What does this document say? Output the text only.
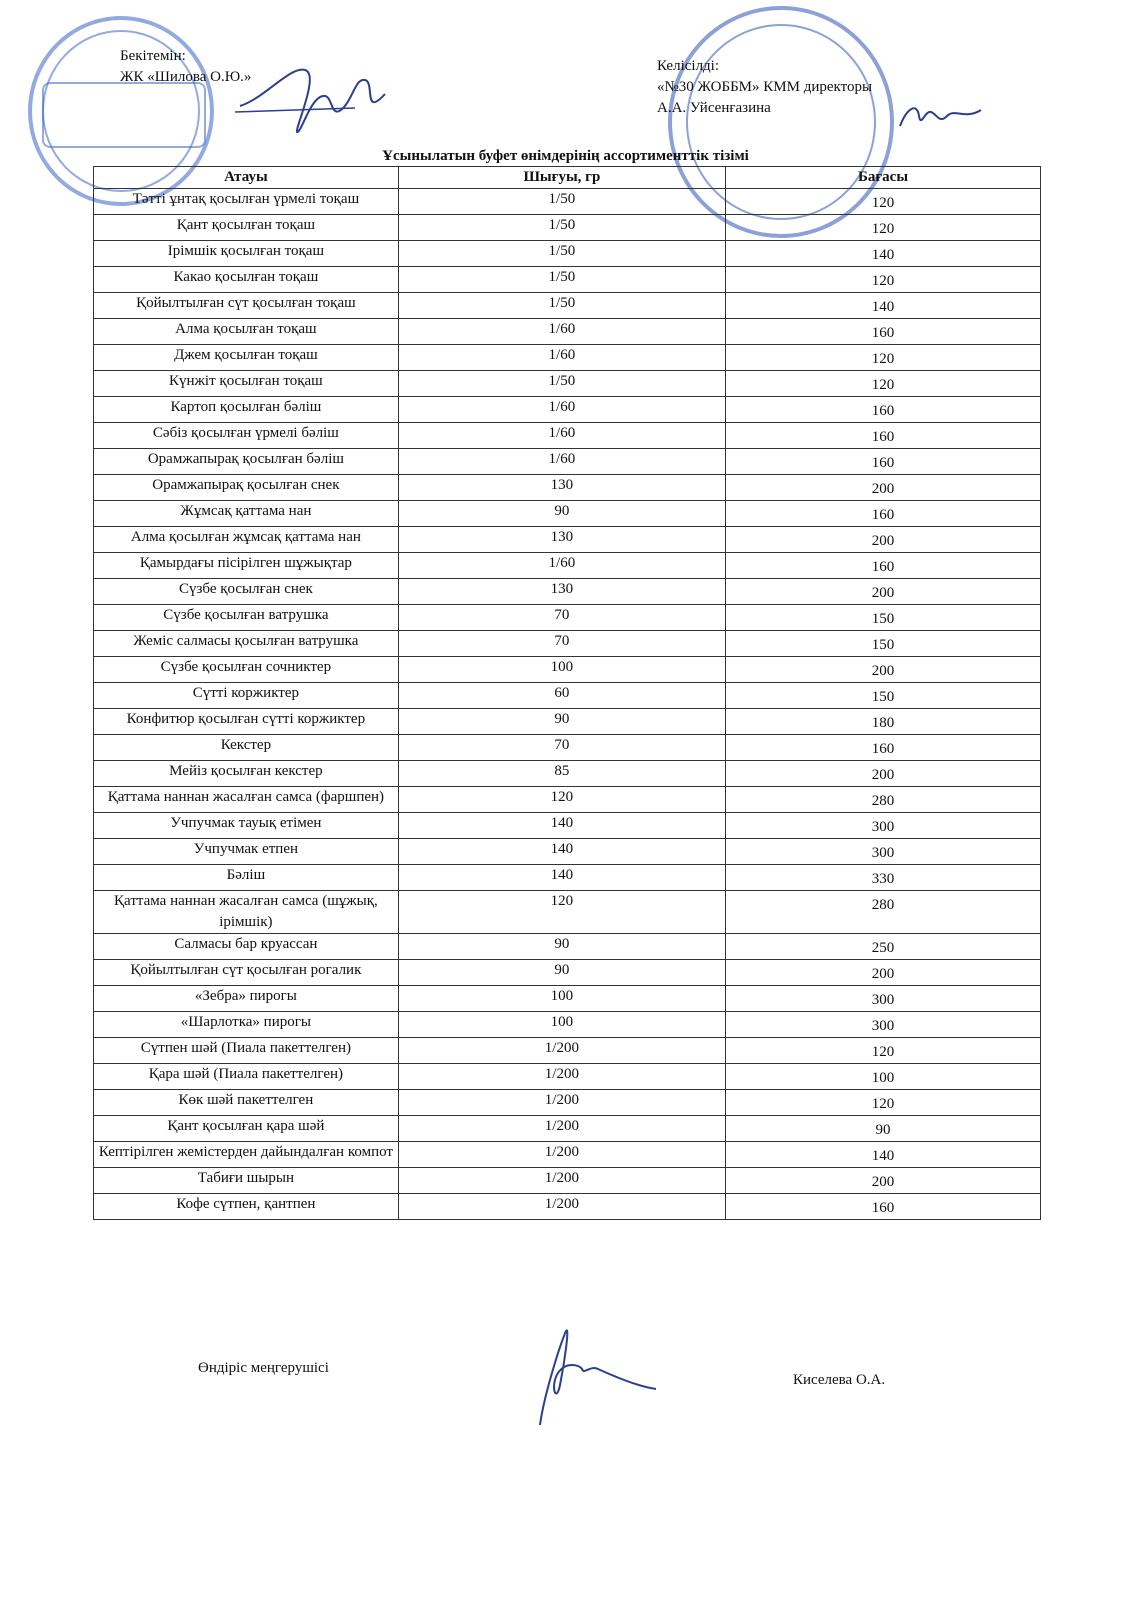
Бекітемін:
ЖК «Шилова О.Ю.»
Келісілді:
«№30 ЖОББМ» КММ директоры
А.А. Уйсенғазина
Ұсынылатын буфет өнімдерінің ассортименттік тізімі
Атауы	Шығуы, гр	Бағасы
Тәтті ұнтақ қосылған үрмелі тоқаш	1/50	120
Қант қосылған тоқаш	1/50	120
Ірімшік қосылған тоқаш	1/50	140
Какао қосылған тоқаш	1/50	120
Қойылтылған сүт қосылған тоқаш	1/50	140
Алма қосылған тоқаш	1/60	160
Джем қосылған тоқаш	1/60	120
Күнжіт қосылған тоқаш	1/50	120
Картоп қосылған бәліш	1/60	160
Сәбіз қосылған үрмелі бәліш	1/60	160
Орамжапырақ қосылған бәліш	1/60	160
Орамжапырақ қосылған снек	130	200
Жұмсақ қаттама нан	90	160
Алма қосылған жұмсақ қаттама нан	130	200
Қамырдағы пісірілген шұжықтар	1/60	160
Сүзбе қосылған снек	130	200
Сүзбе қосылған ватрушка	70	150
Жеміс салмасы қосылған ватрушка	70	150
Сүзбе қосылған сочниктер	100	200
Сүтті коржиктер	60	150
Конфитюр қосылған сүтті коржиктер	90	180
Кекстер	70	160
Мейіз қосылған кекстер	85	200
Қаттама наннан жасалған самса (фаршпен)	120	280
Учпучмак тауық етімен	140	300
Учпучмак етпен	140	300
Бәліш	140	330
Қаттама наннан жасалған самса (шұжық, ірімшік)	120	280
Салмасы бар круассан	90	250
Қойылтылған сүт қосылған рогалик	90	200
«Зебра» пирогы	100	300
«Шарлотка» пирогы	100	300
Сүтпен шәй (Пиала пакеттелген)	1/200	120
Қара шәй (Пиала пакеттелген)	1/200	100
Көк шәй пакеттелген	1/200	120
Қант қосылған қара шәй	1/200	90
Кептірілген жемістерден дайындалған компот	1/200	140
Табиғи шырын	1/200	200
Кофе сүтпен, қантпен	1/200	160
Өндіріс меңгерушісі
Киселева О.А.
